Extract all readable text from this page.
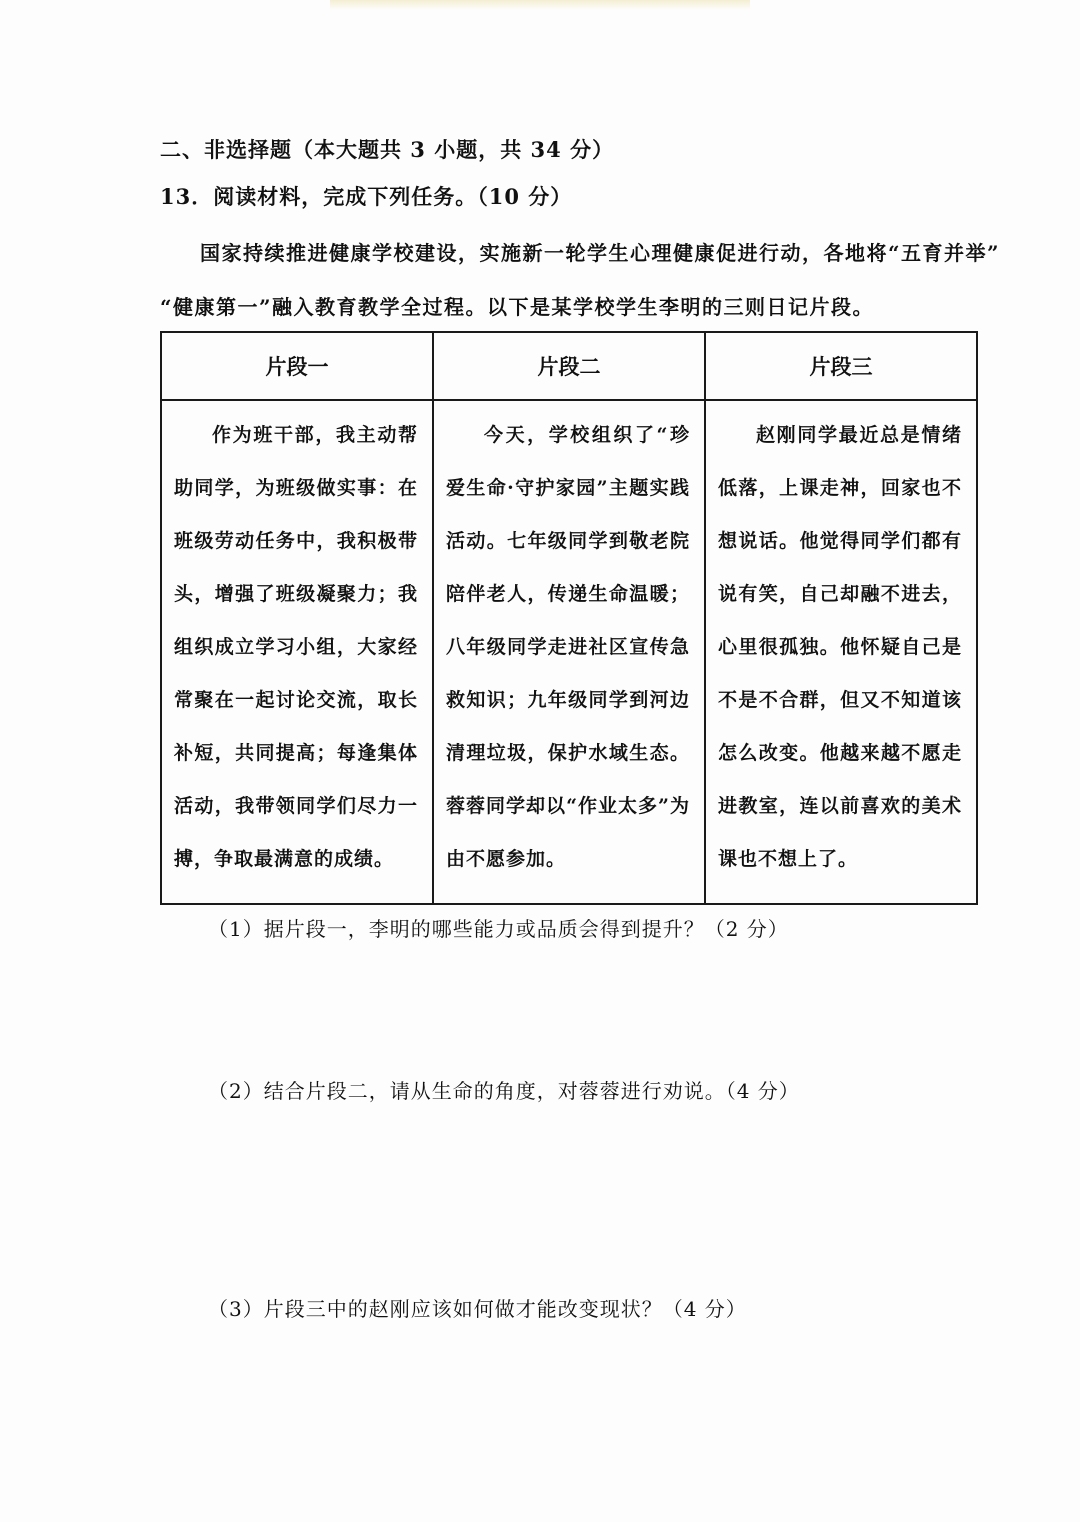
二、非选择题（本大题共 3 小题，共 34 分）
13．阅读材料，完成下列任务。（10 分）
国家持续推进健康学校建设，实施新一轮学生心理健康促进行动，各地将“五育并举”
“健康第一”融入教育教学全过程。以下是某学校学生李明的三则日记片段。
片段一	片段二	片段三
作为班干部，我主动帮助同学，为班级做实事：在班级劳动任务中，我积极带头，增强了班级凝聚力；我组织成立学习小组，大家经常聚在一起讨论交流，取长补短，共同提高；每逢集体活动，我带领同学们尽力一搏，争取最满意的成绩。	今天，学校组织了“珍爱生命·守护家园”主题实践活动。七年级同学到敬老院陪伴老人，传递生命温暖；八年级同学走进社区宣传急救知识；九年级同学到河边清理垃圾，保护水域生态。蓉蓉同学却以“作业太多”为由不愿参加。	赵刚同学最近总是情绪低落，上课走神，回家也不想说话。他觉得同学们都有说有笑，自己却融不进去，心里很孤独。他怀疑自己是不是不合群，但又不知道该怎么改变。他越来越不愿走进教室，连以前喜欢的美术课也不想上了。
（1）据片段一，李明的哪些能力或品质会得到提升？（2 分）
（2）结合片段二，请从生命的角度，对蓉蓉进行劝说。（4 分）
（3）片段三中的赵刚应该如何做才能改变现状？（4 分）
